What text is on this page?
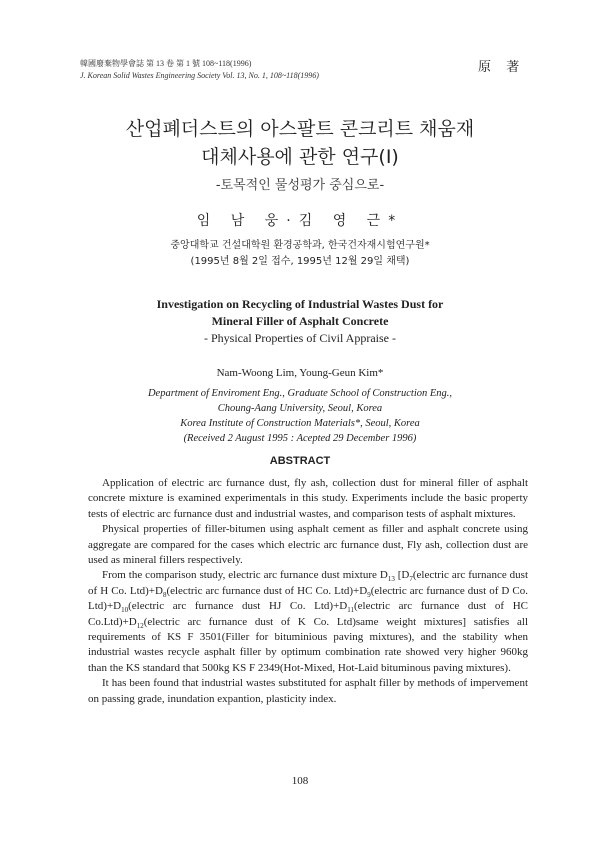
韓國廢棄物學會誌 第 13 卷 第 1 號 108~118(1996)
J. Korean Solid Wastes Engineering Society Vol. 13, No. 1, 108~118(1996)
原 著
산업폐더스트의 아스팔트 콘크리트 채움재
대체사용에 관한 연구(Ⅰ)
-토목적인 물성평가 중심으로-
임 남 웅·김 영 근*
중앙대학교 건설대학원 환경공학과, 한국건자재시험연구원*
(1995년 8월 2일 접수, 1995년 12월 29일 채택)
Investigation on Recycling of Industrial Wastes Dust for
Mineral Filler of Asphalt Concrete
- Physical Properties of Civil Appraise -
Nam-Woong Lim, Young-Geun Kim*
Department of Enviroment Eng., Graduate School of Construction Eng.,
Choung-Aang University, Seoul, Korea
Korea Institute of Construction Materials*, Seoul, Korea
(Received 2 August 1995 : Acepted 29 December 1996)
ABSTRACT

Application of electric arc furnance dust, fly ash, collection dust for mineral filler of asphalt concrete mixture is examined experimentals in this study. Experiments include the basic property tests of electric arc furnance dust and industrial wastes, and comparison tests of asphalt mixtures.

Physical properties of filler-bitumen using asphalt cement as filler and asphalt concrete using aggregate are compared for the cases which electric arc furnance dust, Fly ash, collection dust are used as mineral fillers respectively.

From the comparison study, electric arc furnance dust mixture $D_{13}$ [$D_7(electric$ arc furnance dust of H Co. $Ltd)+D_8(electric$ arc furnance dust of HC Co. $Ltd)+D_9(electric$ arc furnance dust of D Co. $Ltd)+D_{10}(electric$ arc furnance dust HJ Co. $Ltd)+D_{11}(electric$ arc furnance dust of HC $Co.Ltd)+D_{12}(electric$ arc furnance dust of K Co. Ltd)same weight mixtures] satisfies all requirements of KS F 3501(Filler for bituminious paving mixtures), and the stability when industrial wastes recycle asphalt filler by optimum combination rate showed very higher 960kg than the KS standard that 500kg KS F 2349(Hot-Mixed, Hot-Laid bituminous paving mixtures).

It has been found that industrial wastes substituted for asphalt filler by methods of impervement on passing grade, inundation expantion, plasticity index.

108
